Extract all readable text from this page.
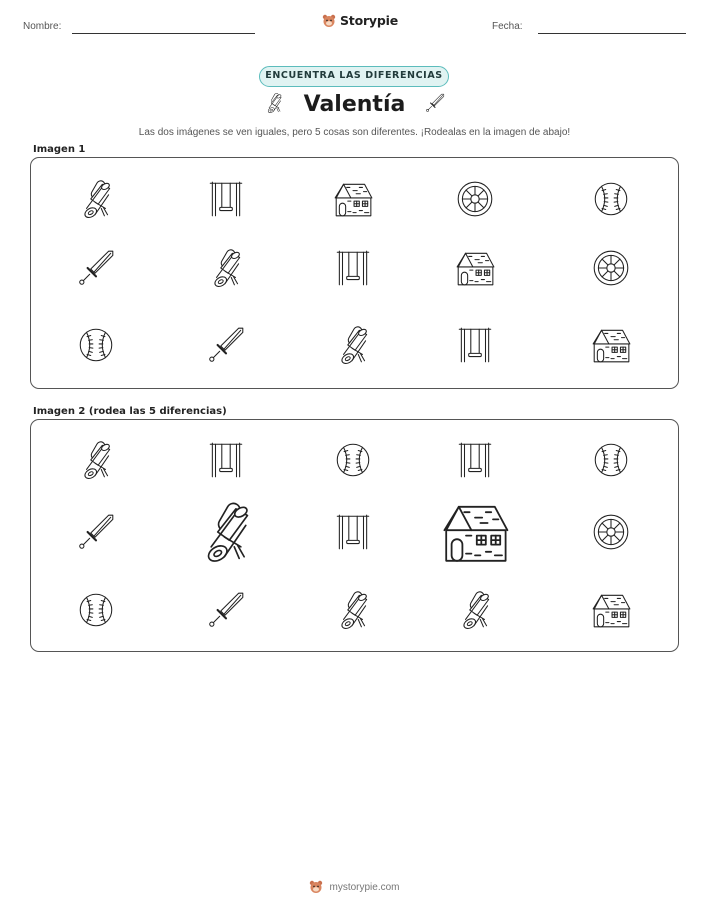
Nombre:	Storypie	Fecha:
ENCUENTRA LAS DIFERENCIAS
Valentía
Las dos imágenes se ven iguales, pero 5 cosas son diferentes. ¡Rodealas en la imagen de abajo!
Imagen 1
Imagen 2 (rodea las 5 diferencias)
mystorypie.com
